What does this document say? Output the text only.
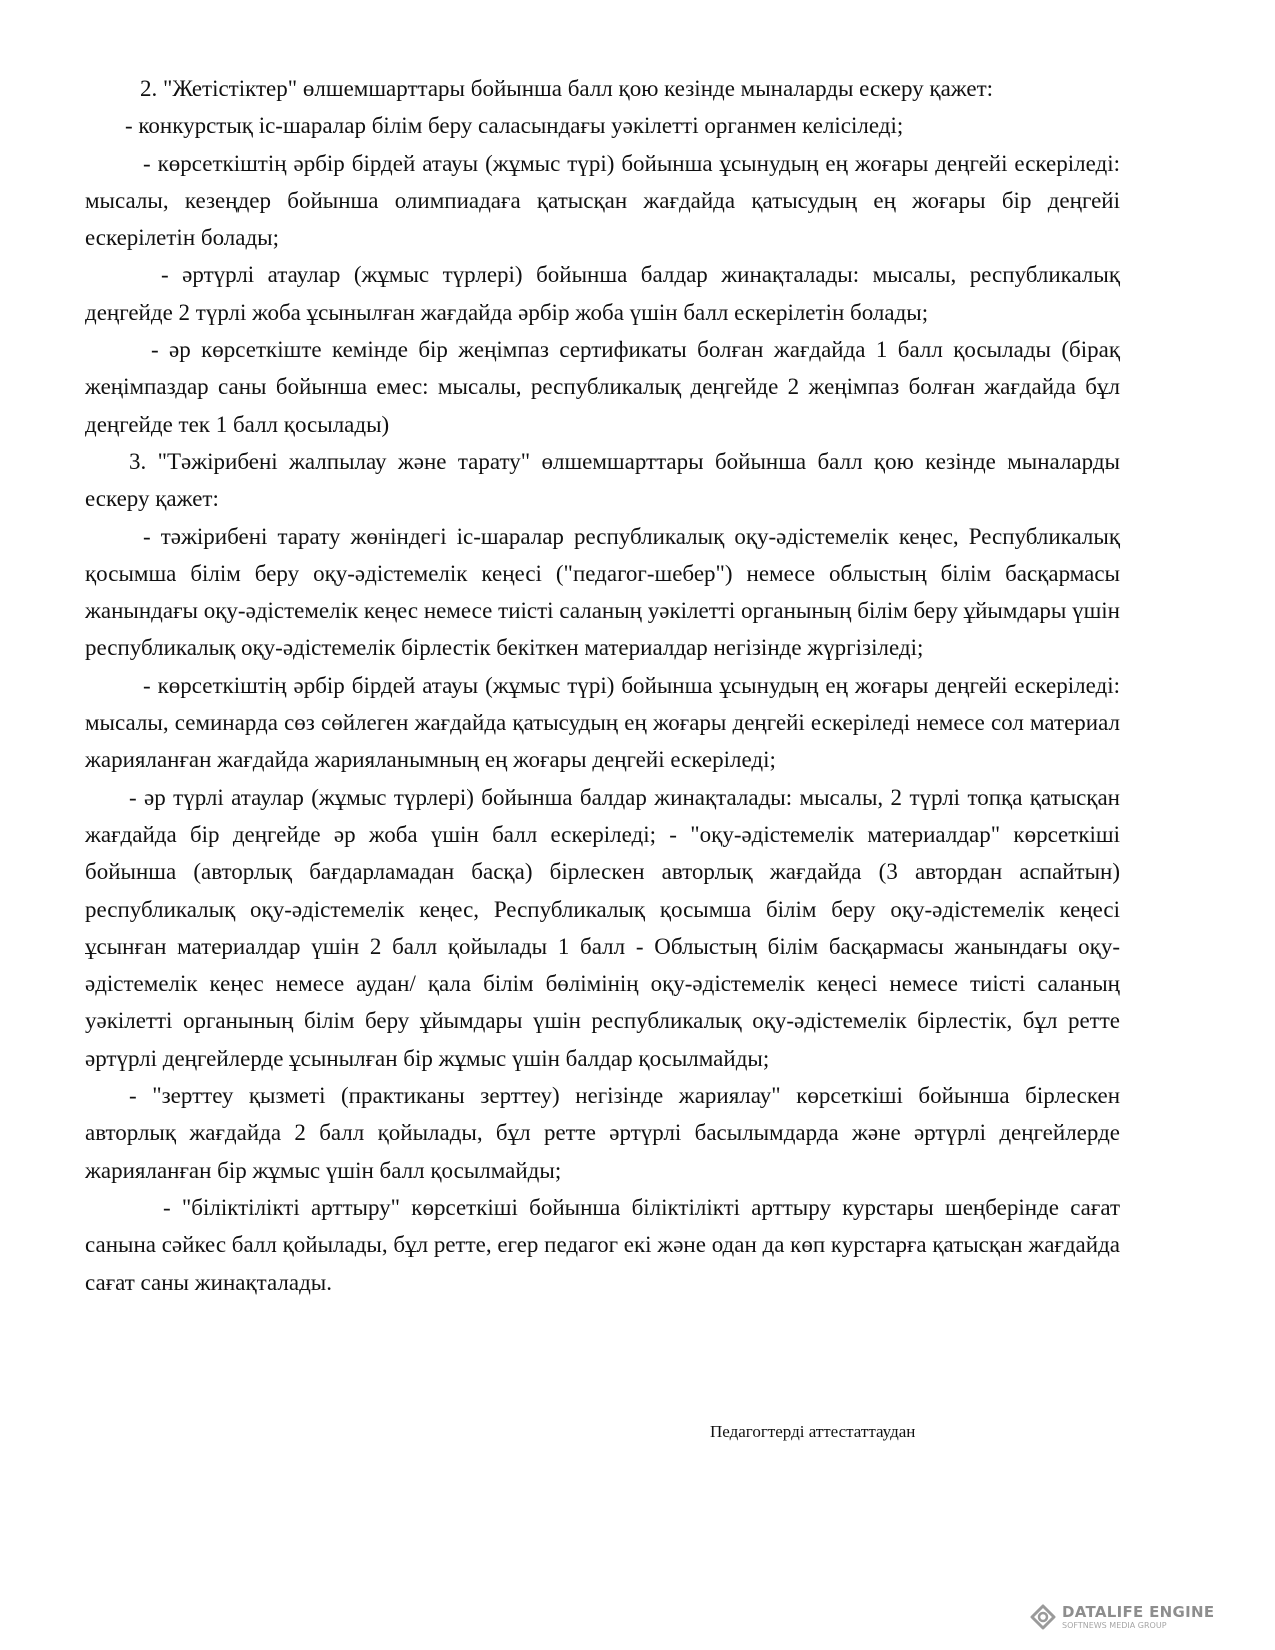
2. "Жетістіктер" өлшемшарттары бойынша балл қою кезінде мыналарды ескеру қажет:

- конкурстық іс-шаралар білім беру саласындағы уәкілетті органмен келісіледі;

- көрсеткіштің әрбір бірдей атауы (жұмыс түрі) бойынша ұсынудың ең жоғары деңгейі ескеріледі: мысалы, кезеңдер бойынша олимпиадаға қатысқан жағдайда қатысудың ең жоғары бір деңгейі ескерілетін болады;

- әртүрлі атаулар (жұмыс түрлері) бойынша балдар жинақталады: мысалы, республикалық деңгейде 2 түрлі жоба ұсынылған жағдайда әрбір жоба үшін балл ескерілетін болады;

- әр көрсеткіште кемінде бір жеңімпаз сертификаты болған жағдайда 1 балл қосылады (бірақ жеңімпаздар саны бойынша емес: мысалы, республикалық деңгейде 2 жеңімпаз болған жағдайда бұл деңгейде тек 1 балл қосылады)

3. "Тәжірибені жалпылау және тарату" өлшемшарттары бойынша балл қою кезінде мыналарды ескеру қажет:

- тәжірибені тарату жөніндегі іс-шаралар республикалық оқу-әдістемелік кеңес, Республикалық қосымша білім беру оқу-әдістемелік кеңесі ("педагог-шебер") немесе облыстың білім басқармасы жанындағы оқу-әдістемелік кеңес немесе тиісті саланың уәкілетті органының білім беру ұйымдары үшін республикалық оқу-әдістемелік бірлестік бекіткен материалдар негізінде жүргізіледі;

- көрсеткіштің әрбір бірдей атауы (жұмыс түрі) бойынша ұсынудың ең жоғары деңгейі ескеріледі: мысалы, семинарда сөз сөйлеген жағдайда қатысудың ең жоғары деңгейі ескеріледі немесе сол материал жарияланған жағдайда жарияланымның ең жоғары деңгейі ескеріледі;

- әр түрлі атаулар (жұмыс түрлері) бойынша балдар жинақталады: мысалы, 2 түрлі топқа қатысқан жағдайда бір деңгейде әр жоба үшін балл ескеріледі; - "оқу-әдістемелік материалдар" көрсеткіші бойынша (авторлық бағдарламадан басқа) бірлескен авторлық жағдайда (3 автордан аспайтын) республикалық оқу-әдістемелік кеңес, Республикалық қосымша білім беру оқу-әдістемелік кеңесі ұсынған материалдар үшін 2 балл қойылады 1 балл - Облыстың білім басқармасы жанындағы оқу-әдістемелік кеңес немесе аудан/ қала білім бөлімінің оқу-әдістемелік кеңесі немесе тиісті саланың уәкілетті органының білім беру ұйымдары үшін республикалық оқу-әдістемелік бірлестік, бұл ретте әртүрлі деңгейлерде ұсынылған бір жұмыс үшін балдар қосылмайды;

- "зерттеу қызметі (практиканы зерттеу) негізінде жариялау" көрсеткіші бойынша бірлескен авторлық жағдайда 2 балл қойылады, бұл ретте әртүрлі басылымдарда және әртүрлі деңгейлерде жарияланған бір жұмыс үшін балл қосылмайды;

- "біліктілікті арттыру" көрсеткіші бойынша біліктілікті арттыру курстары шеңберінде сағат санына сәйкес балл қойылады, бұл ретте, егер педагог екі және одан да көп курстарға қатысқан жағдайда сағат саны жинақталады.

Педагогтерді аттестаттаудан
DATALIFE ENGINE
SOFTNEWS MEDIA GROUP
